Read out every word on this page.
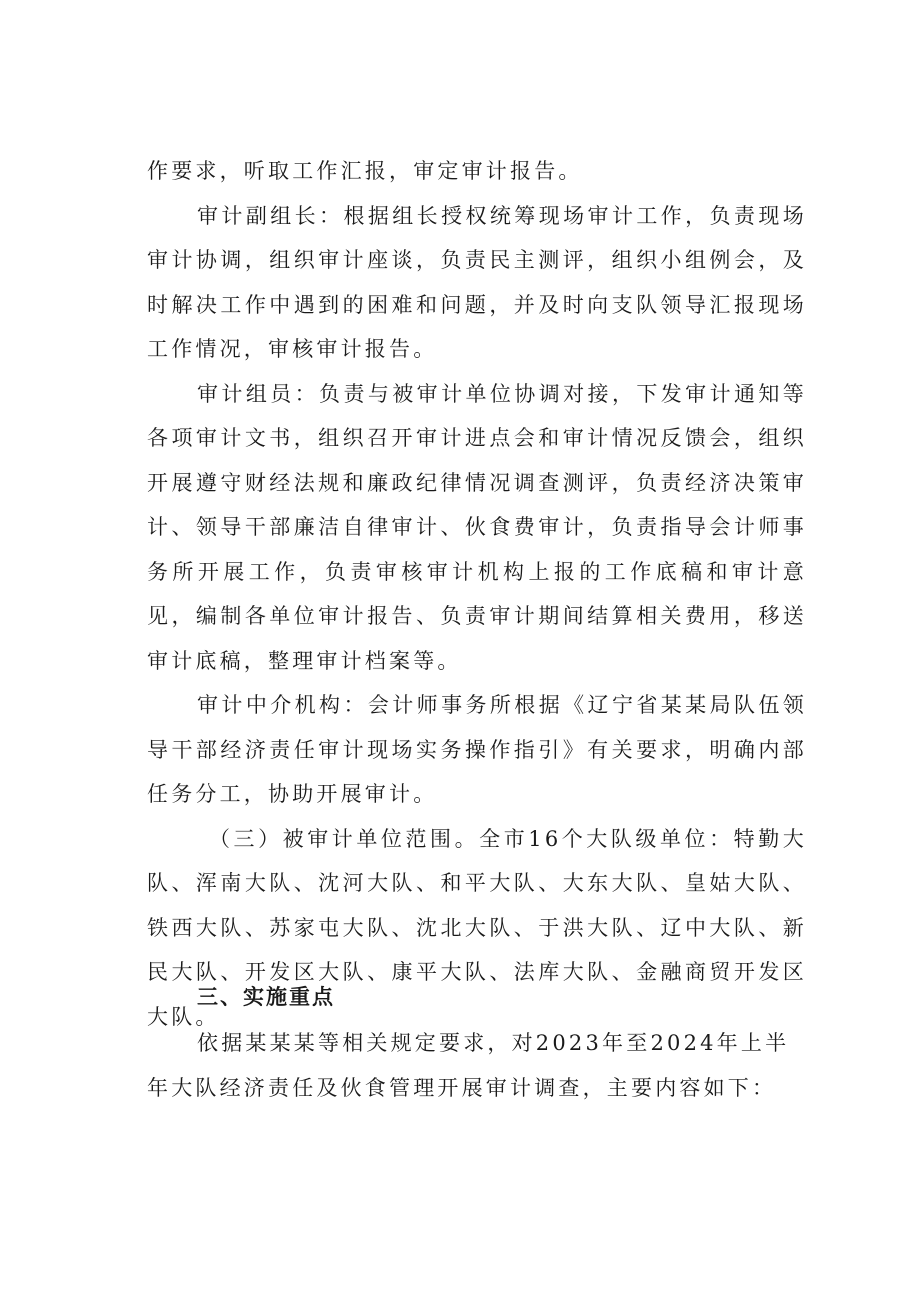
作要求，听取工作汇报，审定审计报告。

审计副组长：根据组长授权统筹现场审计工作，负责现场审计协调，组织审计座谈，负责民主测评，组织小组例会，及时解决工作中遇到的困难和问题，并及时向支队领导汇报现场工作情况，审核审计报告。

审计组员：负责与被审计单位协调对接，下发审计通知等各项审计文书，组织召开审计进点会和审计情况反馈会，组织开展遵守财经法规和廉政纪律情况调查测评，负责经济决策审计、领导干部廉洁自律审计、伙食费审计，负责指导会计师事务所开展工作，负责审核审计机构上报的工作底稿和审计意见，编制各单位审计报告、负责审计期间结算相关费用，移送审计底稿，整理审计档案等。

审计中介机构：会计师事务所根据《辽宁省某某局队伍领导干部经济责任审计现场实务操作指引》有关要求，明确内部任务分工，协助开展审计。

（三）被审计单位范围。全市16个大队级单位：特勤大队、浑南大队、沈河大队、和平大队、大东大队、皇姑大队、铁西大队、苏家屯大队、沈北大队、于洪大队、辽中大队、新民大队、开发区大队、康平大队、法库大队、金融商贸开发区大队。

三、实施重点

依据某某某等相关规定要求，对2023年至2024年上半

年大队经济责任及伙食管理开展审计调查，主要内容如下：
